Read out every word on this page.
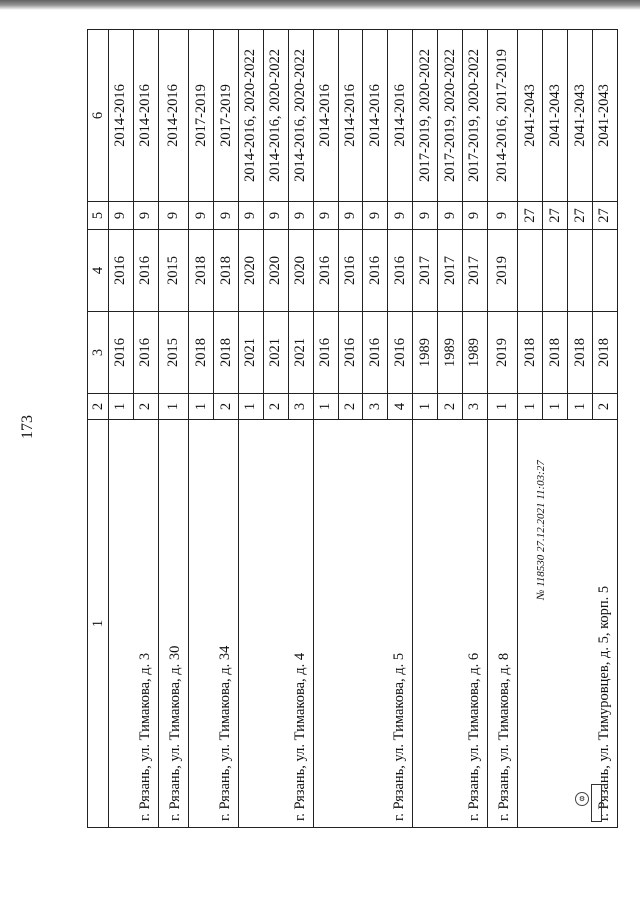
173
1	2	3	4	5	6
г. Рязань, ул. Тимакова, д. 3	1	2016	2016	9	2014-2016
	2	2016	2016	9	2014-2016
г. Рязань, ул. Тимакова, д. 30	1	2015	2015	9	2014-2016
г. Рязань, ул. Тимакова, д. 34	1	2018	2018	9	2017-2019
	2	2018	2018	9	2017-2019
г. Рязань, ул. Тимакова, д. 4	1	2021	2020	9	2014-2016, 2020-2022
	2	2021	2020	9	2014-2016, 2020-2022
	3	2021	2020	9	2014-2016, 2020-2022
г. Рязань, ул. Тимакова, д. 5	1	2016	2016	9	2014-2016
	2	2016	2016	9	2014-2016
	3	2016	2016	9	2014-2016
	4	2016	2016	9	2014-2016
г. Рязань, ул. Тимакова, д. 6	1	1989	2017	9	2017-2019, 2020-2022
	2	1989	2017	9	2017-2019, 2020-2022
	3	1989	2017	9	2017-2019, 2020-2022
г. Рязань, ул. Тимакова, д. 8	1	2019	2019	9	2014-2016, 2017-2019
г. Рязань, ул. Тимуровцев, д. 5, корп. 5	1	2018		27	2041-2043
	1	2018		27	2041-2043
	1	2018		27	2041-2043
	2	2018		27	2041-2043
⚙
№ 118530 27.12.2021 11:03:27
